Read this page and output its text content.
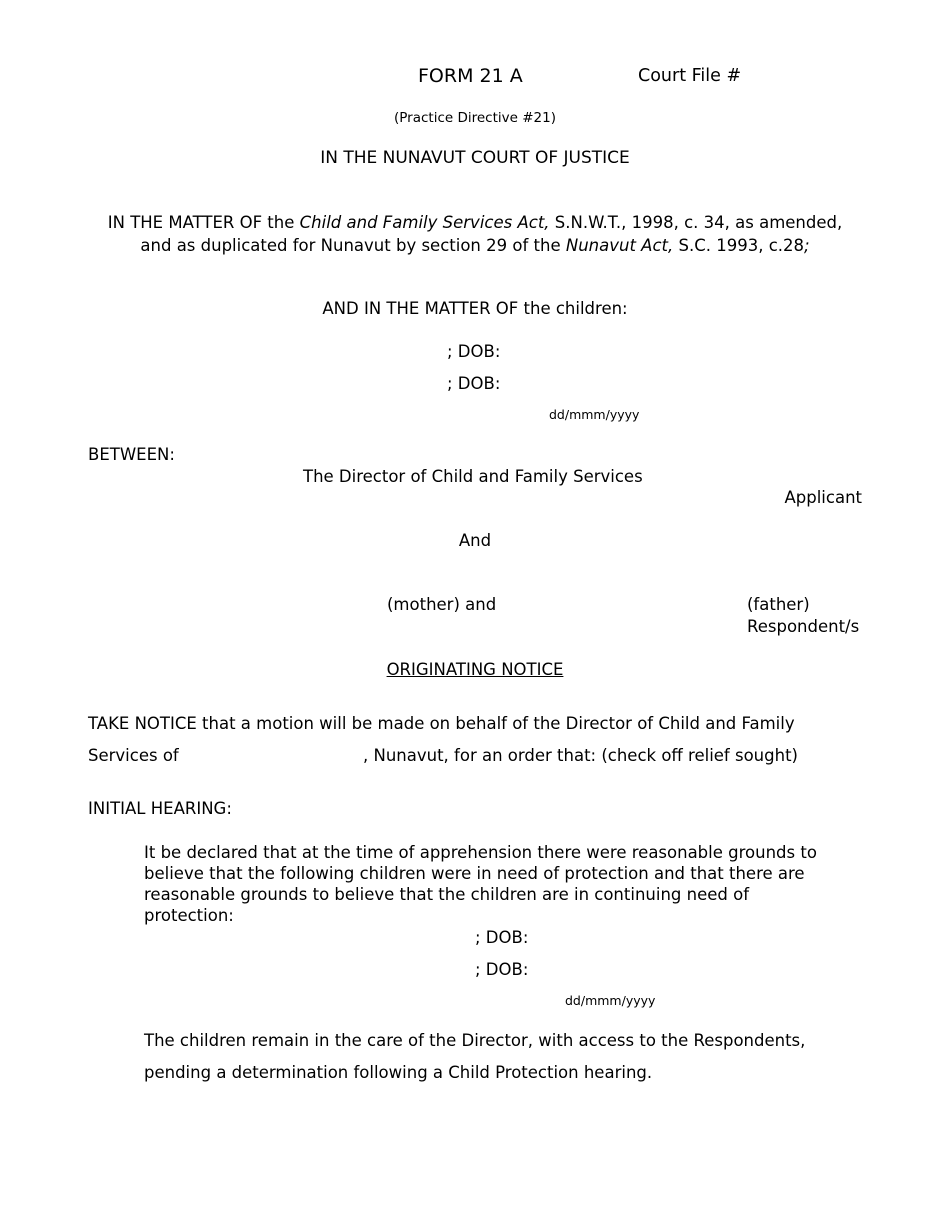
FORM 21 A	Court File #
(Practice Directive #21)
IN THE NUNAVUT COURT OF JUSTICE
IN THE MATTER OF the Child and Family Services Act, S.N.W.T., 1998, c. 34, as amended,
and as duplicated for Nunavut by section 29 of the Nunavut Act, S.C. 1993, c.28;
AND IN THE MATTER OF the children:
; DOB:
; DOB:
dd/mmm/yyyy
BETWEEN:
The Director of Child and Family Services
Applicant
And
(mother) and	(father)
Respondent/s
ORIGINATING NOTICE
TAKE NOTICE that a motion will be made on behalf of the Director of Child and Family
Services of	, Nunavut, for an order that: (check off relief sought)
INITIAL HEARING:
It be declared that at the time of apprehension there were reasonable grounds to believe that the following children were in need of protection and that there are reasonable grounds to believe that the children are in continuing need of protection:
; DOB:
; DOB:
dd/mmm/yyyy
The children remain in the care of the Director, with access to the Respondents,
pending a determination following a Child Protection hearing.
